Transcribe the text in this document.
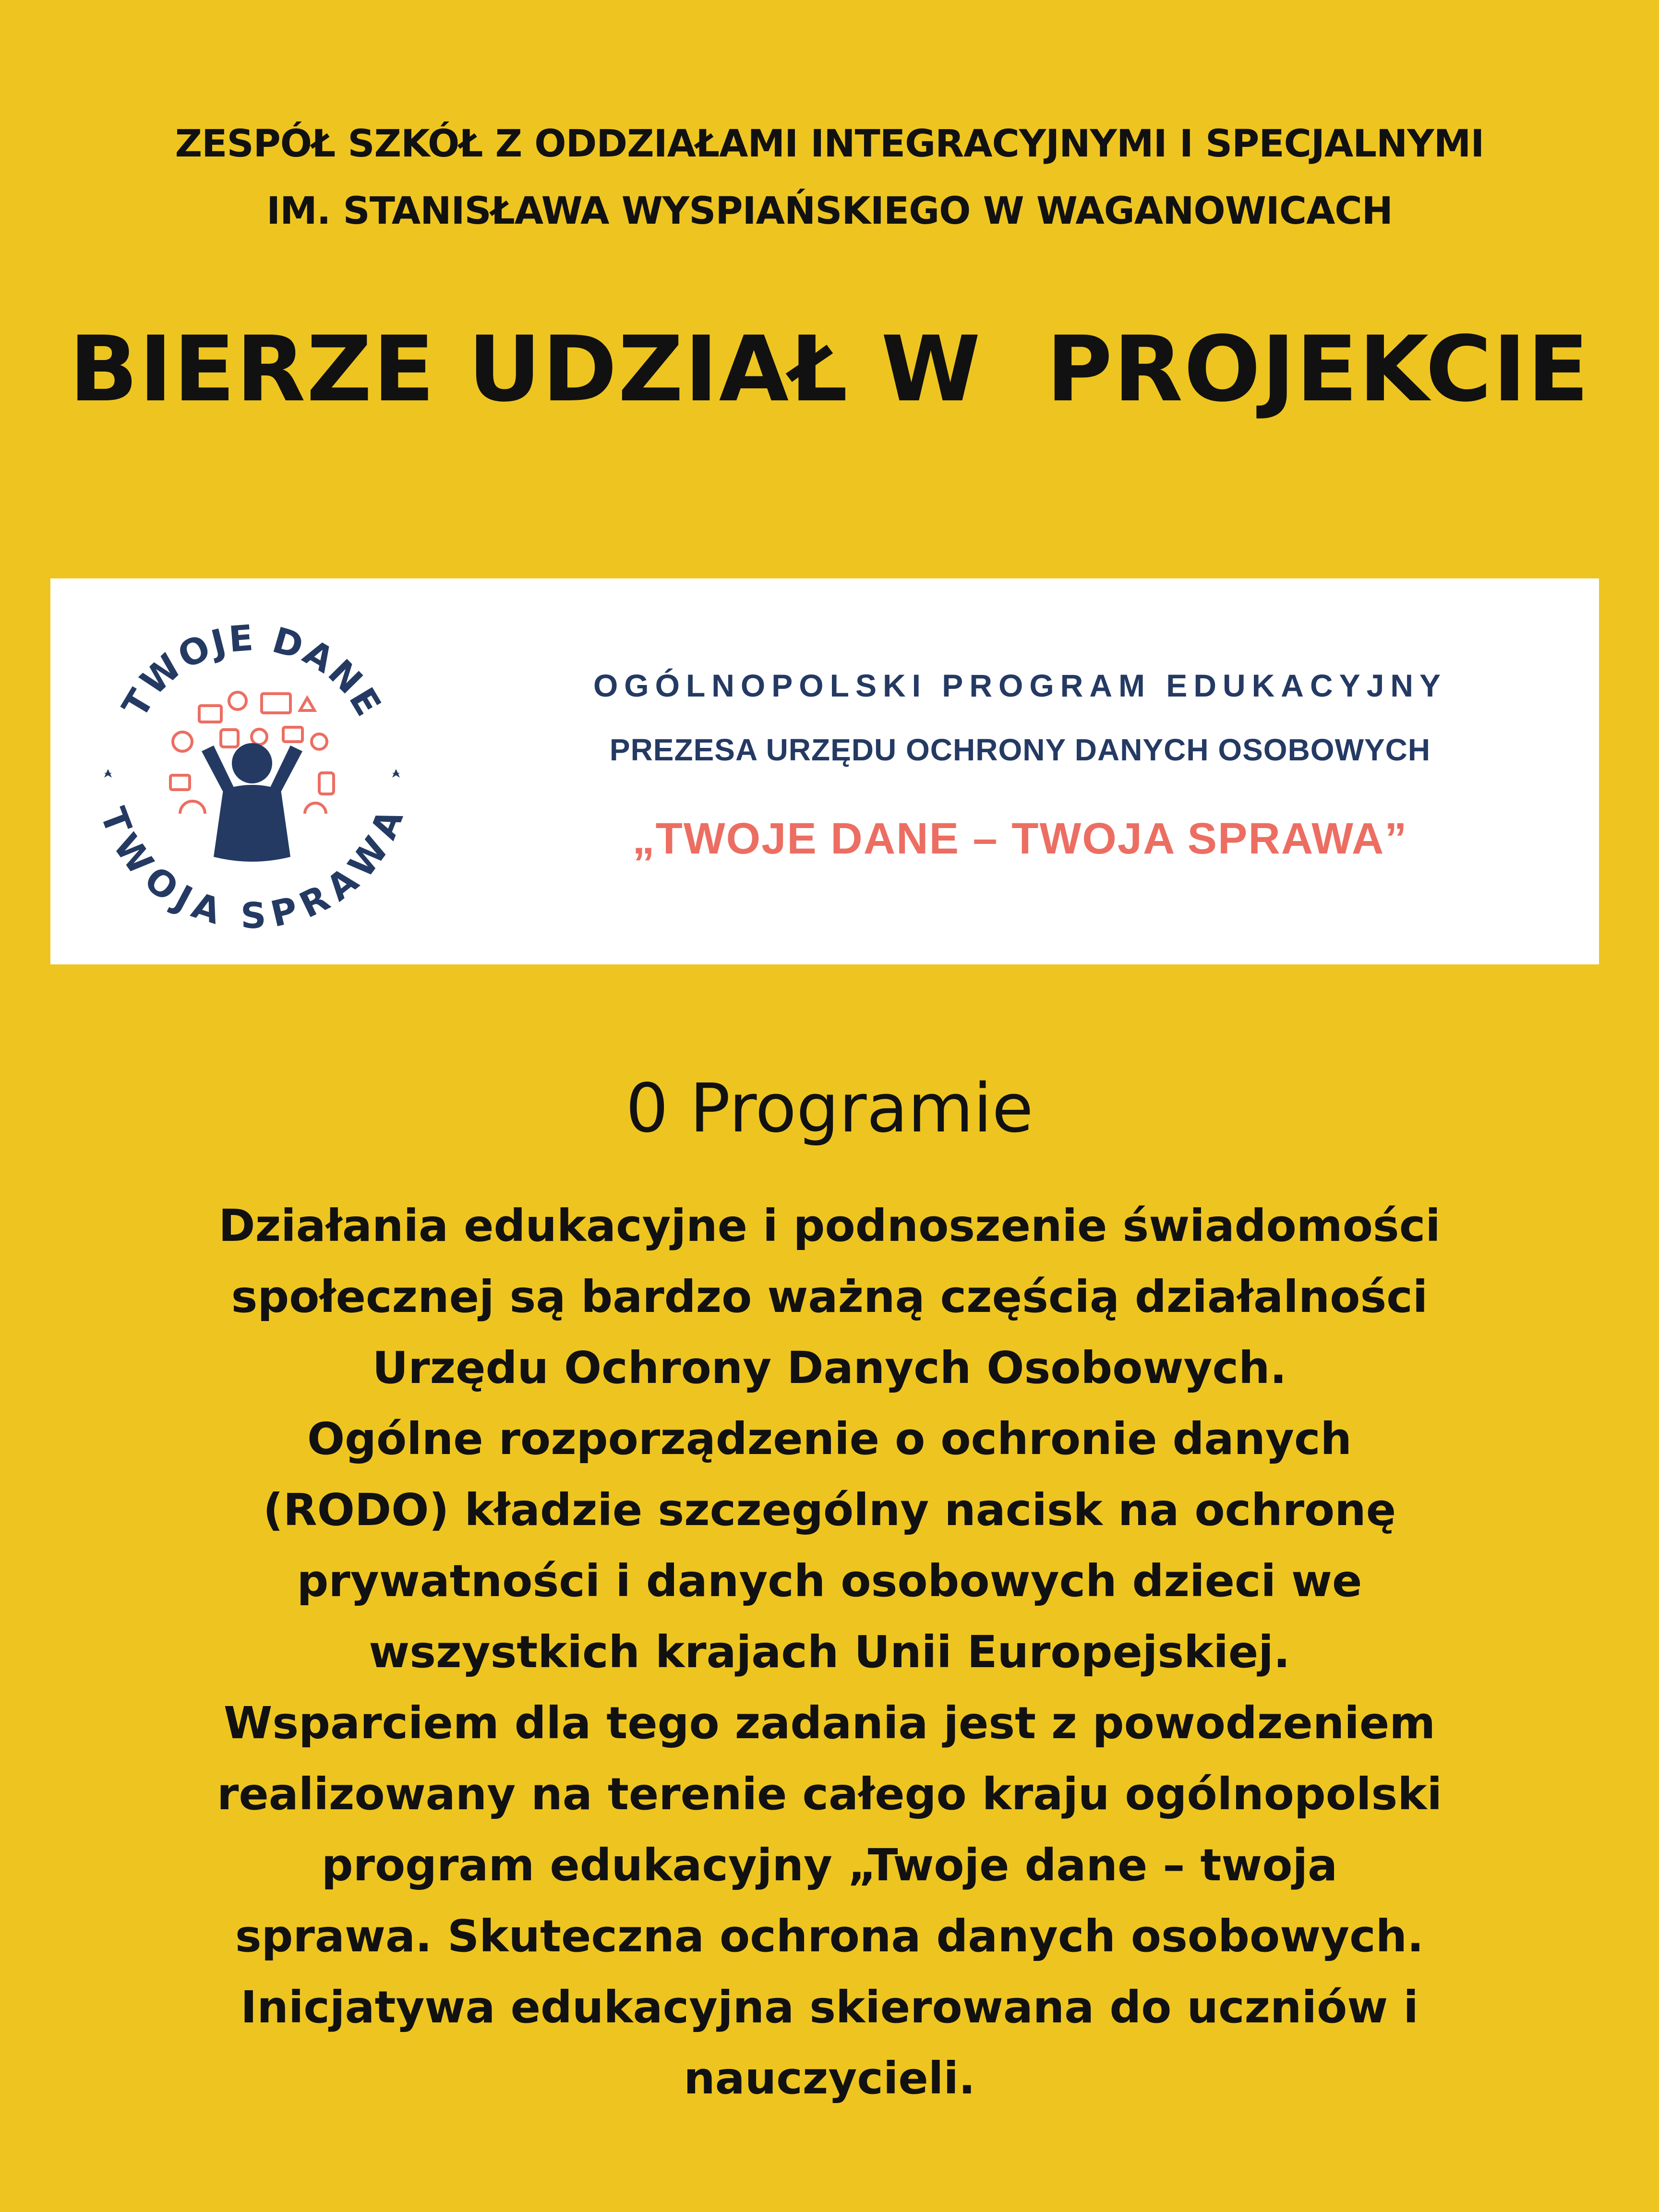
ZESPÓŁ SZKÓŁ Z ODDZIAŁAMI INTEGRACYJNYMI I SPECJALNYMI
IM. STANISŁAWA WYSPIAŃSKIEGO W WAGANOWICACH
BIERZE UDZIAŁ W  PROJEKCIE
TWOJE DANE
TWOJA SPRAWA
OGÓLNOPOLSKI PROGRAM EDUKACYJNY
PREZESA URZĘDU OCHRONY DANYCH OSOBOWYCH
„TWOJE DANE – TWOJA SPRAWA”
0 Programie
Działania edukacyjne i podnoszenie świadomości
społecznej są bardzo ważną częścią działalności
Urzędu Ochrony Danych Osobowych.
Ogólne rozporządzenie o ochronie danych
(RODO) kładzie szczególny nacisk na ochronę
prywatności i danych osobowych dzieci we
wszystkich krajach Unii Europejskiej.
Wsparciem dla tego zadania jest z powodzeniem
realizowany na terenie całego kraju ogólnopolski
program edukacyjny „Twoje dane – twoja
sprawa. Skuteczna ochrona danych osobowych.
Inicjatywa edukacyjna skierowana do uczniów i
nauczycieli.
